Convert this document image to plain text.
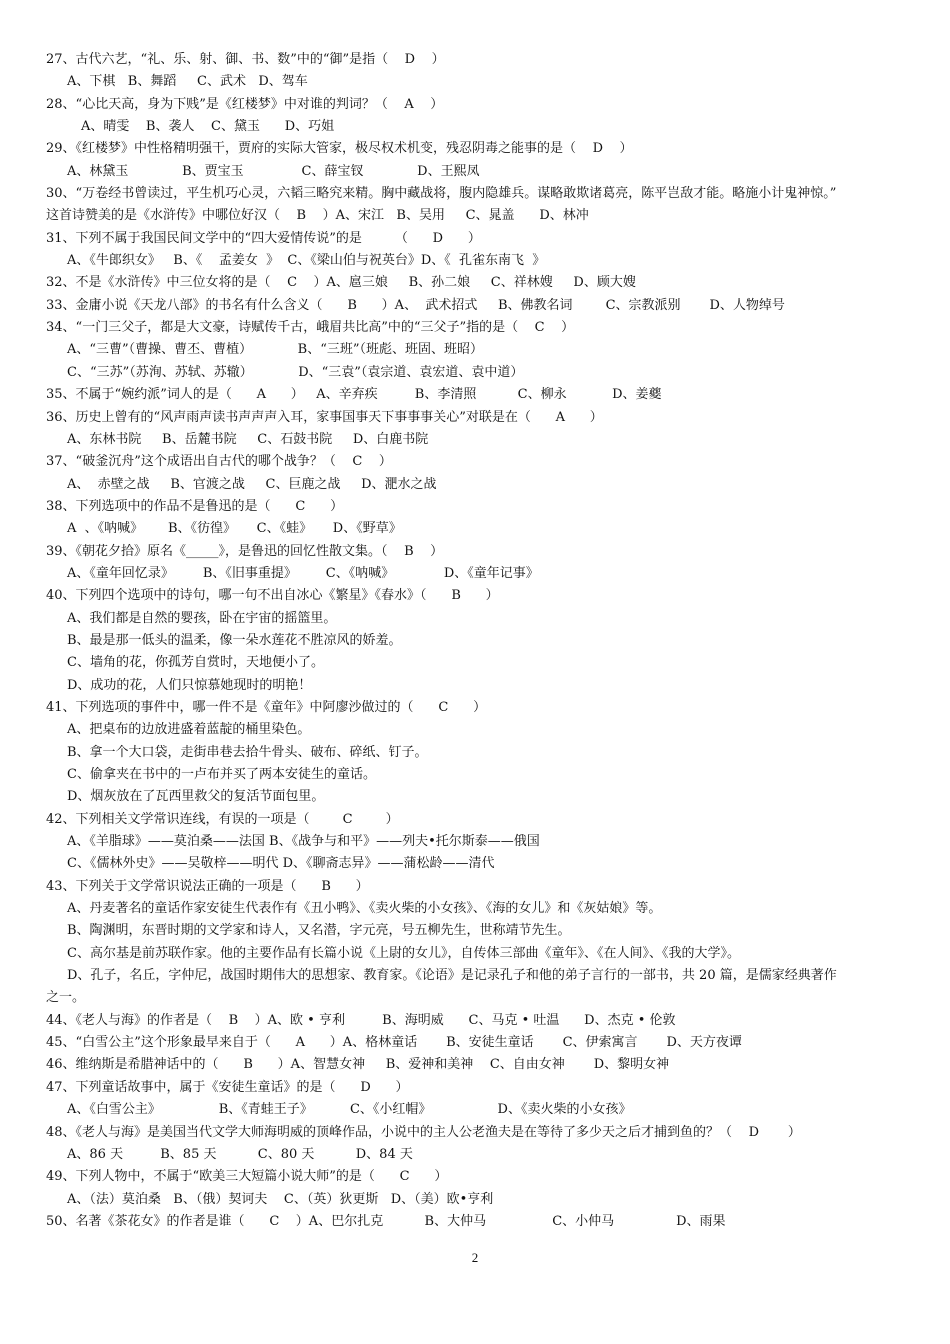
27、古代六艺，“礼、乐、射、御、书、数”中的“御”是指（    D    ）
A、下棋   B、舞蹈     C、武术   D、驾车
28、“心比天高，身为下贱”是《红楼梦》中对谁的判词？（    A    ）
A、晴雯    B、袭人    C、黛玉      D、巧姐
29、《红楼梦》中性格精明强干，贾府的实际大管家，极尽权术机变，残忍阴毒之能事的是（    D    ）
A、林黛玉             B、贾宝玉              C、薛宝钗             D、王熙凤
30、“万卷经书曾读过，平生机巧心灵，六韬三略究来精。胸中藏战将，腹内隐雄兵。谋略敢欺诸葛亮，陈平岂敌才能。略施小计鬼神惊。”
这首诗赞美的是《水浒传》中哪位好汉（    B    ）A、宋江   B、吴用     C、晁盖      D、林冲
31、下列不属于我国民间文学中的“四大爱情传说”的是        （      D      ）
A、《牛郎织女》   B、《    孟姜女  》  C、《梁山伯与祝英台》D、《  孔雀东南飞  》
32、不是《水浒传》中三位女将的是（    C    ）A、扈三娘     B、孙二娘     C、祥林嫂     D、顾大嫂
33、金庸小说《天龙八部》的书名有什么含义（      B      ）A、  武术招式     B、佛教名词        C、宗教派别       D、人物绰号
34、“一门三父子，都是大文豪，诗赋传千古，峨眉共比高”中的“三父子”指的是（    C    ）
A、“三曹”（曹操、曹丕、曹植）           B、“三班”（班彪、班固、班昭）
C、“三苏”（苏洵、苏轼、苏辙）           D、“三袁”（袁宗道、袁宏道、袁中道）
35、不属于“婉约派”词人的是（      A      ）   A、辛弃疾         B、李清照          C、柳永           D、姜夔
36、历史上曾有的“风声雨声读书声声声入耳，家事国事天下事事事关心”对联是在（      A      ）
A、东林书院     B、岳麓书院     C、石鼓书院     D、白鹿书院
37、“破釜沉舟”这个成语出自古代的哪个战争？（    C    ）
A、  赤壁之战     B、官渡之战     C、巨鹿之战     D、淝水之战
38、下列选项中的作品不是鲁迅的是（      C      ）
A  、《呐喊》      B、《彷徨》     C、《蛙》     D、《野草》
39、《朝花夕拾》原名《_____》，是鲁迅的回忆性散文集。（    B    ）
A、《童年回忆录》       B、《旧事重提》       C、《呐喊》            D、《童年记事》
40、下列四个选项中的诗句，哪一句不出自冰心《繁星》《春水》（      B      ）
A、我们都是自然的婴孩，卧在宇宙的摇篮里。
B、最是那一低头的温柔，像一朵水莲花不胜凉风的娇羞。
C、墙角的花，你孤芳自赏时，天地便小了。
D、成功的花，人们只惊慕她现时的明艳！
41、下列选项的事件中，哪一件不是《童年》中阿廖沙做过的（      C      ）
A、把桌布的边放进盛着蓝靛的桶里染色。
B、拿一个大口袋，走街串巷去拾牛骨头、破布、碎纸、钉子。
C、偷拿夹在书中的一卢布并买了两本安徒生的童话。
D、烟灰放在了瓦西里救父的复活节面包里。
42、下列相关文学常识连线，有误的一项是（        C        ）
A、《羊脂球》——莫泊桑——法国 B、《战争与和平》——列夫•托尔斯泰——俄国
C、《儒林外史》——吴敬梓——明代 D、《聊斋志异》——蒲松龄——清代
43、下列关于文学常识说法正确的一项是（      B      ）
A、丹麦著名的童话作家安徒生代表作有《丑小鸭》、《卖火柴的小女孩》、《海的女儿》和《灰姑娘》等。
B、陶渊明，东晋时期的文学家和诗人，又名潜，字元亮，号五柳先生，世称靖节先生。
C、高尔基是前苏联作家。他的主要作品有长篇小说《上尉的女儿》，自传体三部曲《童年》、《在人间》、《我的大学》。
D、孔子，名丘，字仲尼，战国时期伟大的思想家、教育家。《论语》是记录孔子和他的弟子言行的一部书，共 20 篇，是儒家经典著作
之一。
44、《老人与海》的作者是（    B    ）A、欧 • 亨利         B、海明威      C、马克 • 吐温      D、杰克 • 伦敦
45、“白雪公主”这个形象最早来自于（      A      ）A、格林童话       B、安徒生童话       C、伊索寓言       D、天方夜谭
46、维纳斯是希腊神话中的（      B      ）A、智慧女神     B、爱神和美神    C、自由女神       D、黎明女神
47、下列童话故事中，属于《安徒生童话》的是（      D      ）
A、《白雪公主》              B、《青蛙王子》         C、《小红帽》                D、《卖火柴的小女孩》
48、《老人与海》是美国当代文学大师海明威的顶峰作品，小说中的主人公老渔夫是在等待了多少天之后才捕到鱼的？（    D       ）
A、86 天         B、85 天          C、80 天          D、84 天
49、下列人物中，不属于“欧美三大短篇小说大师”的是（      C      ）
A、（法）莫泊桑   B、（俄）契诃夫    C、（英）狄更斯   D、（美）欧•亨利
50、名著《茶花女》的作者是谁（      C    ）A、巴尔扎克          B、大仲马                C、小仲马               D、雨果
2
